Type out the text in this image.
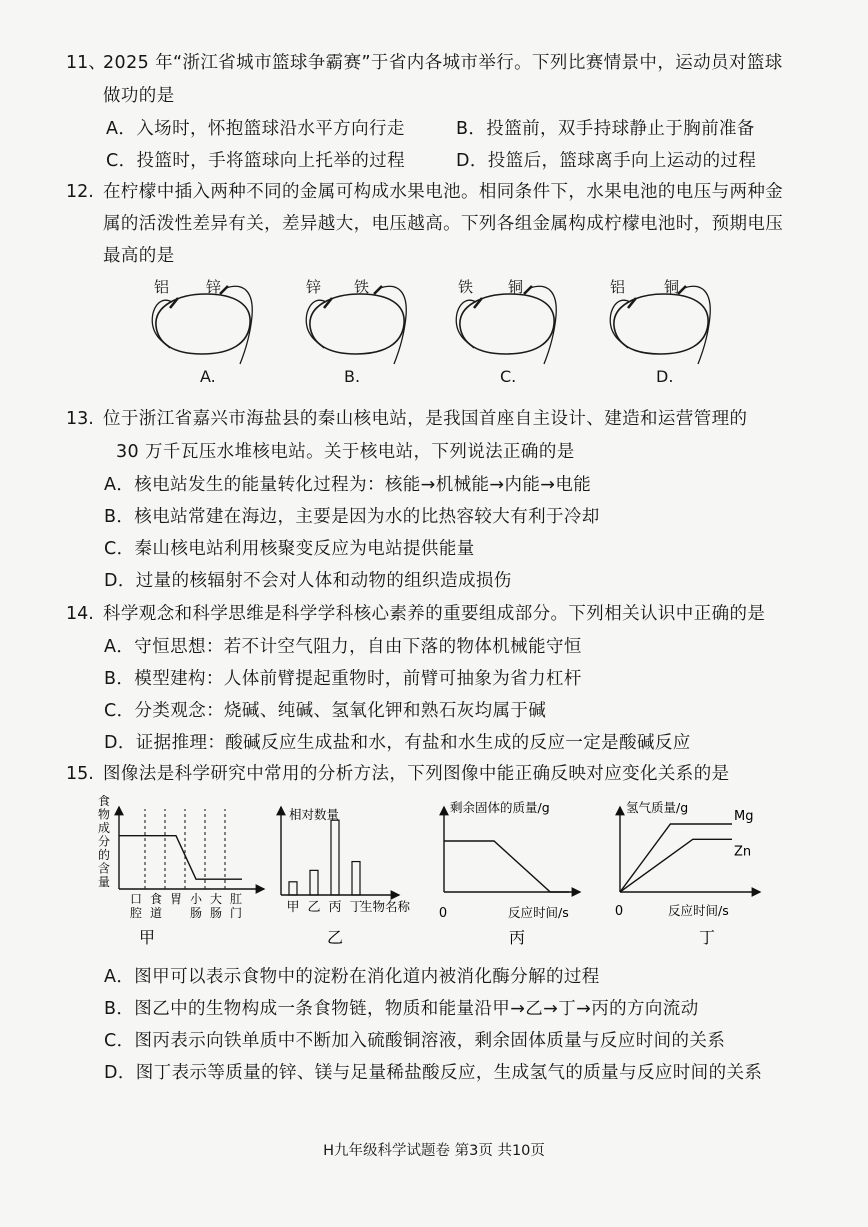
11、
2025 年“浙江省城市篮球争霸赛”于省内各城市举行。下列比赛情景中，运动员对篮球
做功的是
A．入场时，怀抱篮球沿水平方向行走	B．投篮前，双手持球静止于胸前准备
C．投篮时，手将篮球向上托举的过程	D．投篮后，篮球离手向上运动的过程
12. 在柠檬中插入两种不同的金属可构成水果电池。相同条件下，水果电池的电压与两种金
属的活泼性差异有关，差异越大，电压越高。下列各组金属构成柠檬电池时，预期电压
最高的是
铝 锌
A.
锌 铁
B.
铁 铜
C.
铝	铜
D.
13. 位于浙江省嘉兴市海盐县的秦山核电站，是我国首座自主设计、建造和运营管理的
30 万千瓦压水堆核电站。关于核电站，下列说法正确的是
A．核电站发生的能量转化过程为：核能→机械能→内能→电能
B．核电站常建在海边，主要是因为水的比热容较大有利于冷却
C．秦山核电站利用核聚变反应为电站提供能量
D．过量的核辐射不会对人体和动物的组织造成损伤
14. 科学观念和科学思维是科学学科核心素养的重要组成部分。下列相关认识中正确的是
A．守恒思想：若不计空气阻力，自由下落的物体机械能守恒
B．模型建构：人体前臂提起重物时，前臂可抽象为省力杠杆
C．分类观念：烧碱、纯碱、氢氧化钾和熟石灰均属于碱
D．证据推理：酸碱反应生成盐和水，有盐和水生成的反应一定是酸碱反应
15. 图像法是科学研究中常用的分析方法，下列图像中能正确反映对应变化关系的是
食
物
成
分
的
含
量
口
腔
食
道
胃 小
肠
大
肠
肛
门
甲
相对数量
甲 乙 丙 丁
生物名称
乙
剩余固体的质量/g
0	反应时间/s
丙
氢气质量/g
0	反应时间/s
Mg
Zn
丁
A．图甲可以表示食物中的淀粉在消化道内被消化酶分解的过程
B．图乙中的生物构成一条食物链，物质和能量沿甲→乙→丁→丙的方向流动
C．图丙表示向铁单质中不断加入硫酸铜溶液，剩余固体质量与反应时间的关系
D．图丁表示等质量的锌、镁与足量稀盐酸反应，生成氢气的质量与反应时间的关系
H九年级科学试题卷 第3页 共10页
